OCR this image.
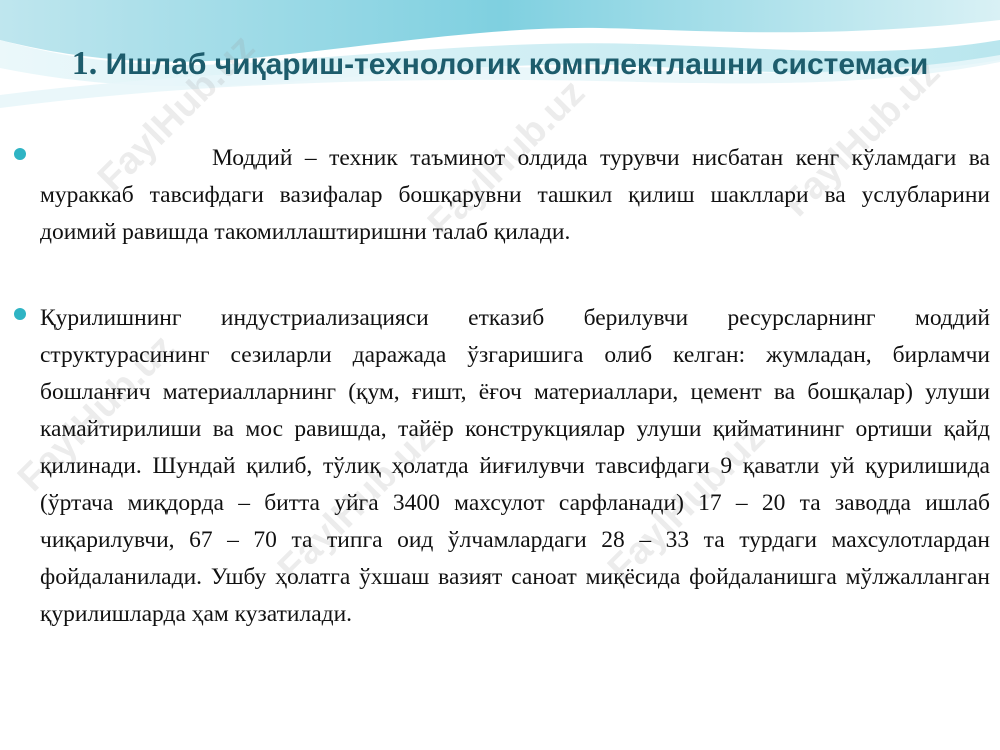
FaylHub.uz	FaylHub.uz	FaylHub.uz
FaylHub.uz
FaylHub.uz	FaylHub.uz
1. Ишлаб чиқариш-технологик комплектлашни системаси
Моддий – техник таъминот олдида турувчи нисбатан кенг кўламдаги ва мураккаб тавсифдаги вазифалар бошқарувни ташкил қилиш шакллари ва услубларини доимий равишда такомиллаштиришни талаб қилади.
Қурилишнинг индустриализацияси етказиб берилувчи ресурсларнинг моддий структурасининг сезиларли даражада ўзгаришига олиб келган: жумладан, бирламчи бошланғич материалларнинг (қум, ғишт, ёғоч материаллари, цемент ва бошқалар) улуши камайтирилиши ва мос равишда, тайёр конструкциялар улуши қийматининг ортиши қайд қилинади. Шундай қилиб, тўлиқ ҳолатда йиғилувчи тавсифдаги 9 қаватли уй қурилишида (ўртача миқдорда – битта уйга 3400 махсулот сарфланади) 17 – 20 та заводда ишлаб чиқарилувчи, 67 – 70 та типга оид ўлчамлардаги 28 – 33 та турдаги махсулотлардан фойдаланилади. Ушбу ҳолатга ўхшаш вазият саноат миқёсида фойдаланишга мўлжалланган қурилишларда ҳам кузатилади.
